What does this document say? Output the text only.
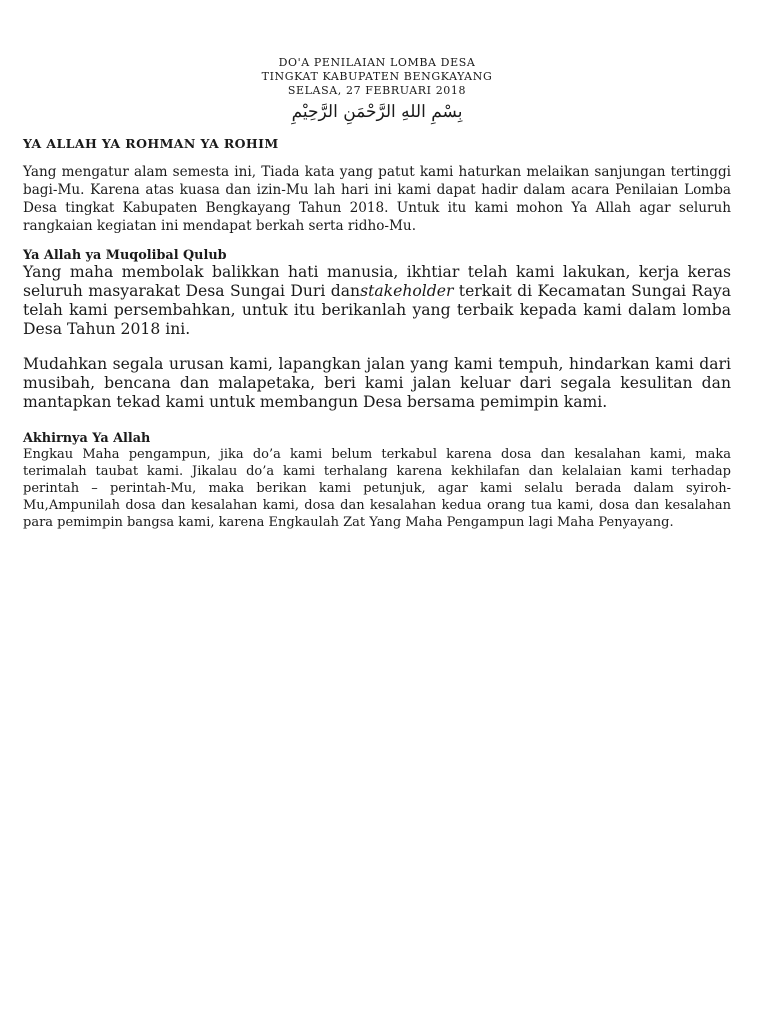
DO'A PENILAIAN LOMBA DESA
TINGKAT KABUPATEN BENGKAYANG
SELASA, 27 FEBRUARI 2018
بِسْمِ اللهِ الرَّحْمَنِ الرَّحِيْمِ
YA ALLAH YA ROHMAN YA ROHIM

Yang mengatur alam semesta ini, Tiada kata yang patut kami haturkan melaikan sanjungan tertinggi bagi-Mu. Karena atas kuasa dan izin-Mu lah hari ini kami dapat hadir dalam acara Penilaian Lomba Desa tingkat Kabupaten Bengkayang Tahun 2018. Untuk itu kami mohon Ya Allah agar seluruh rangkaian kegiatan ini mendapat berkah serta ridho-Mu.

Ya Allah ya Muqolibal Qulub

Yang maha membolak balikkan hati manusia, ikhtiar telah kami lakukan, kerja keras seluruh masyarakat Desa Sungai Duri danstakeholder terkait di Kecamatan Sungai Raya telah kami persembahkan, untuk itu berikanlah yang terbaik kepada kami dalam lomba Desa Tahun 2018 ini.

Mudahkan segala urusan kami, lapangkan jalan yang kami tempuh, hindarkan kami dari musibah, bencana dan malapetaka, beri kami jalan keluar dari segala kesulitan dan mantapkan tekad kami untuk membangun Desa bersama pemimpin kami.

Akhirnya Ya Allah

Engkau Maha pengampun, jika do’a kami belum terkabul karena dosa dan kesalahan kami, maka terimalah taubat kami. Jikalau do’a kami terhalang karena kekhilafan dan kelalaian kami terhadap perintah – perintah-Mu, maka berikan kami petunjuk, agar kami selalu berada dalam syiroh-Mu,Ampunilah dosa dan kesalahan kami, dosa dan kesalahan kedua orang tua kami, dosa dan kesalahan para pemimpin bangsa kami, karena Engkaulah Zat Yang Maha Pengampun lagi Maha Penyayang.
